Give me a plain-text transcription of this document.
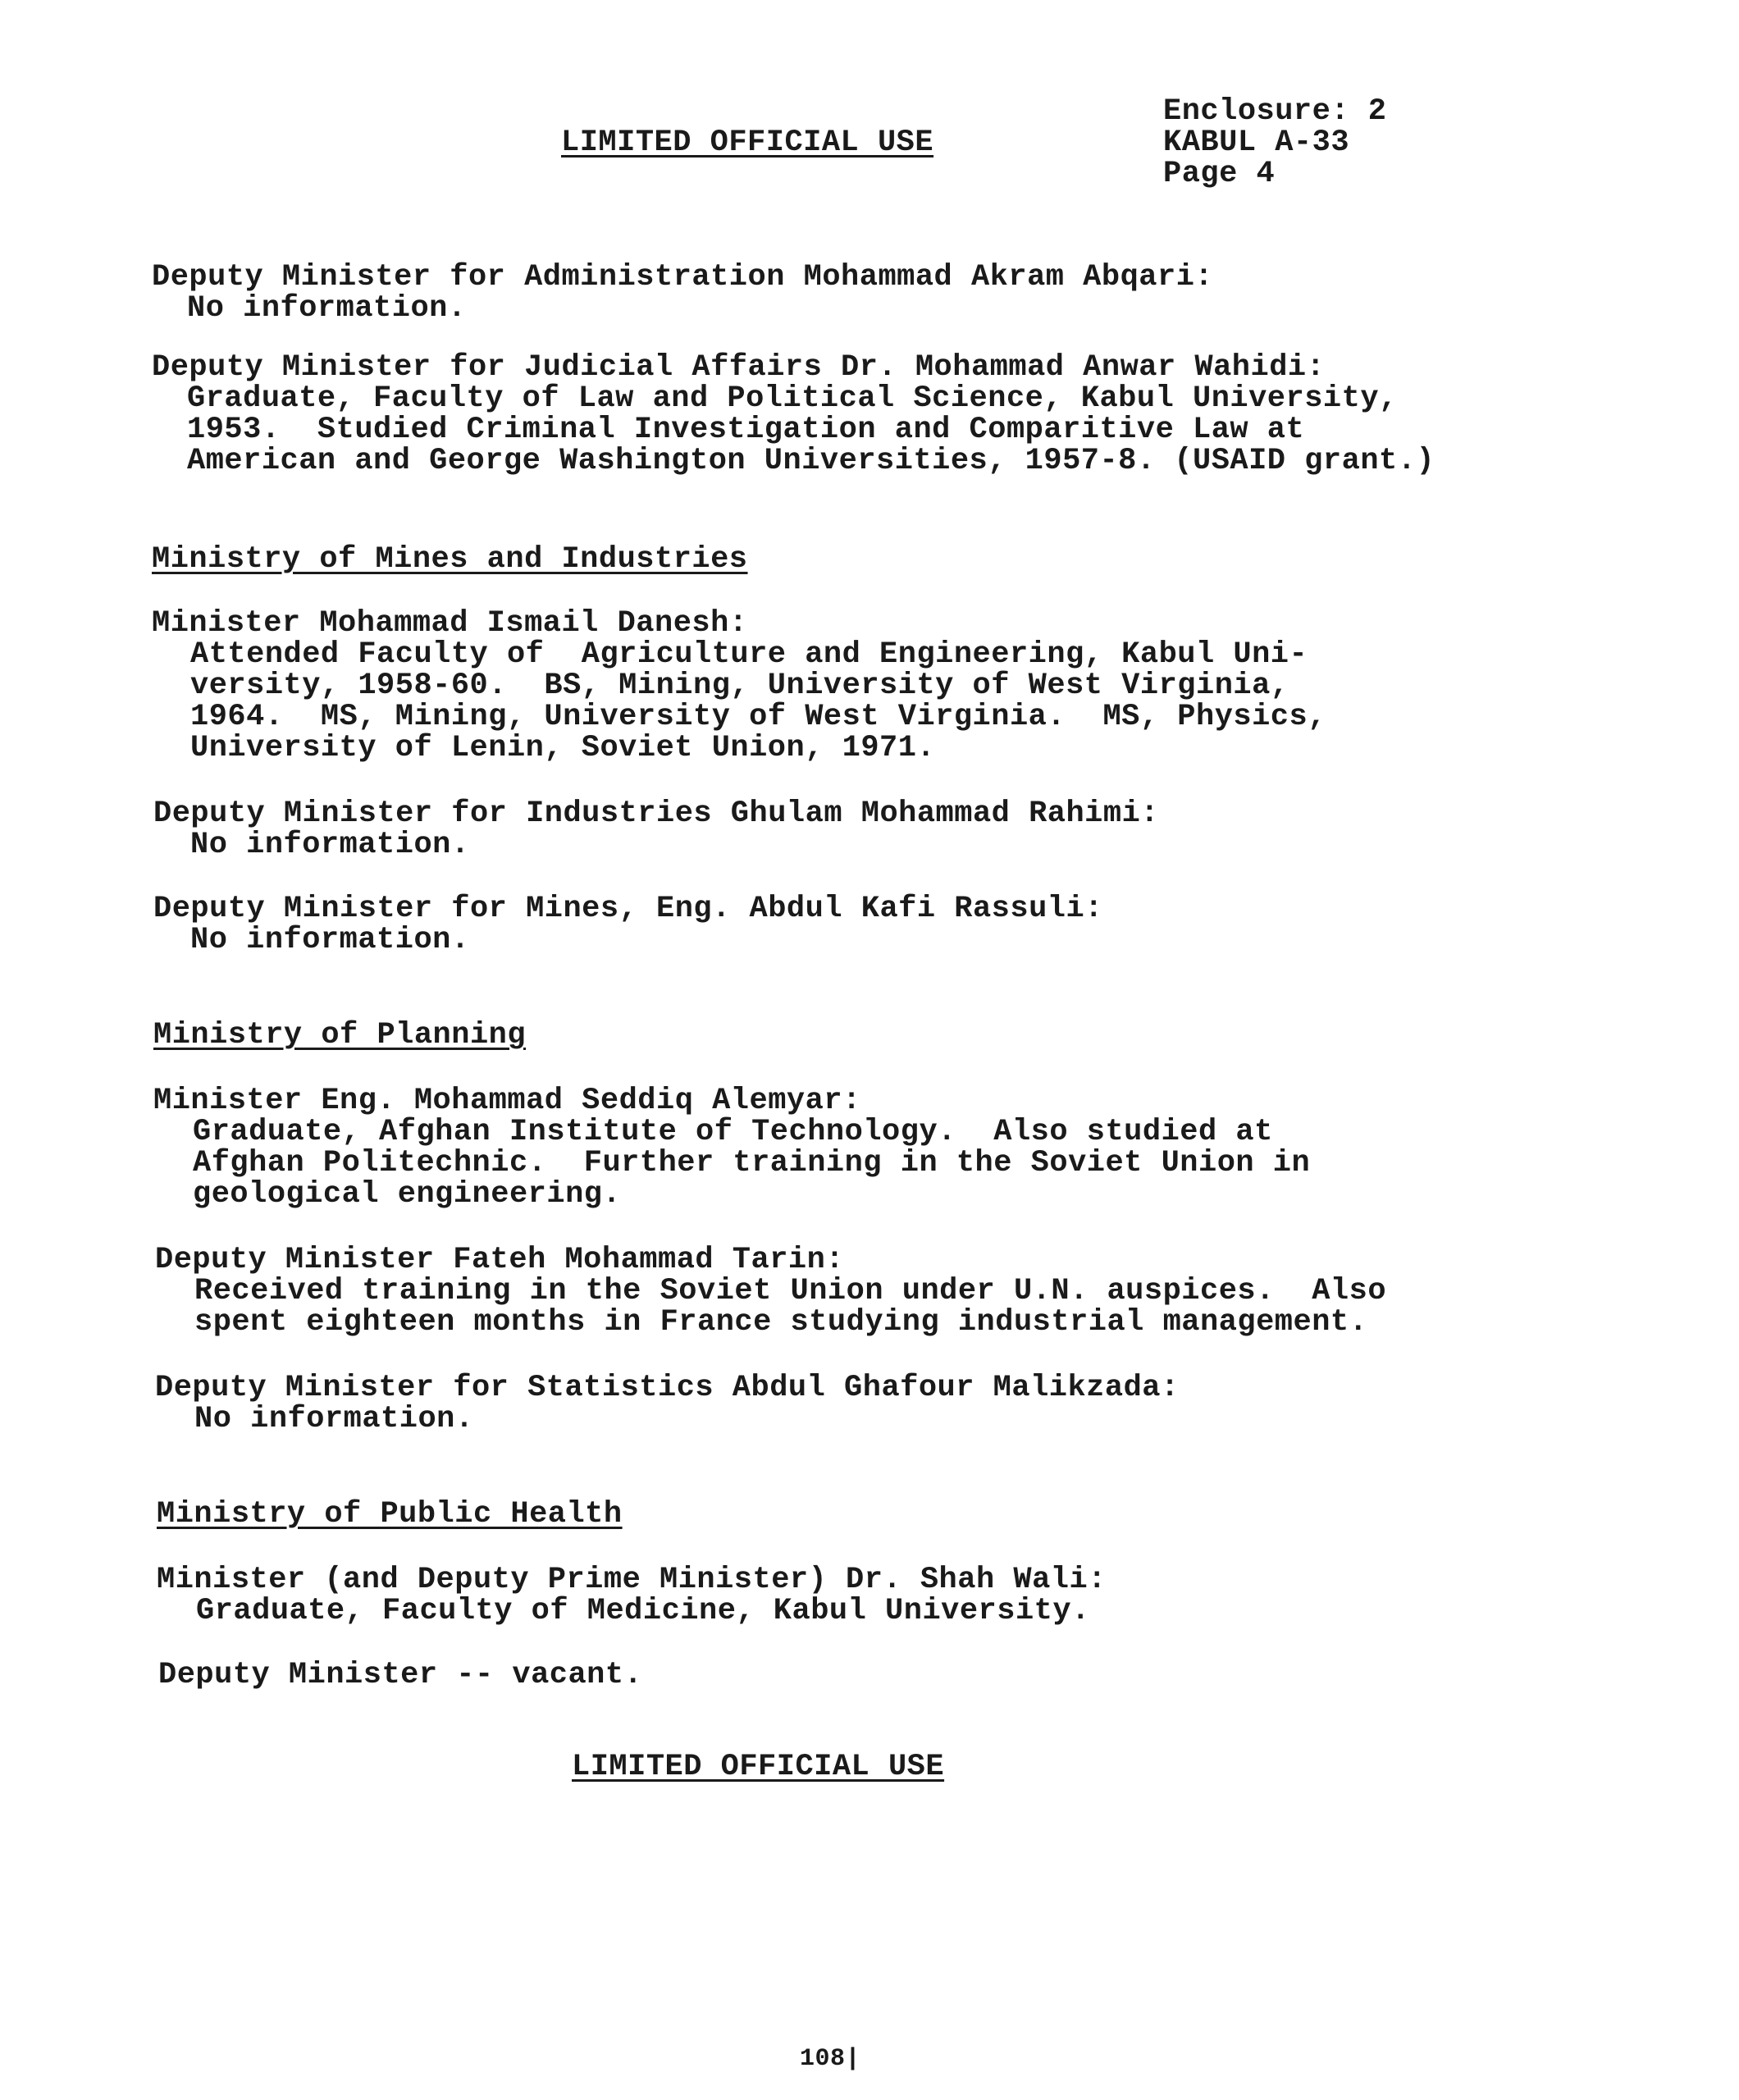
LIMITED OFFICIAL USE
Enclosure: 2
KABUL A-33
Page 4
Deputy Minister for Administration Mohammad Akram Abqari:
No information.
Deputy Minister for Judicial Affairs Dr. Mohammad Anwar Wahidi:
Graduate, Faculty of Law and Political Science, Kabul University,
1953.  Studied Criminal Investigation and Comparitive Law at
American and George Washington Universities, 1957-8. (USAID grant.)
Ministry of Mines and Industries
Minister Mohammad Ismail Danesh:
Attended Faculty of  Agriculture and Engineering, Kabul Uni-
versity, 1958-60.  BS, Mining, University of West Virginia,
1964.  MS, Mining, University of West Virginia.  MS, Physics,
University of Lenin, Soviet Union, 1971.
Deputy Minister for Industries Ghulam Mohammad Rahimi:
No information.
Deputy Minister for Mines, Eng. Abdul Kafi Rassuli:
No information.
Ministry of Planning
Minister Eng. Mohammad Seddiq Alemyar:
Graduate, Afghan Institute of Technology.  Also studied at
Afghan Politechnic.  Further training in the Soviet Union in
geological engineering.
Deputy Minister Fateh Mohammad Tarin:
Received training in the Soviet Union under U.N. auspices.  Also
spent eighteen months in France studying industrial management.
Deputy Minister for Statistics Abdul Ghafour Malikzada:
No information.
Ministry of Public Health
Minister (and Deputy Prime Minister) Dr. Shah Wali:
Graduate, Faculty of Medicine, Kabul University.
Deputy Minister -- vacant.
LIMITED OFFICIAL USE
108|
